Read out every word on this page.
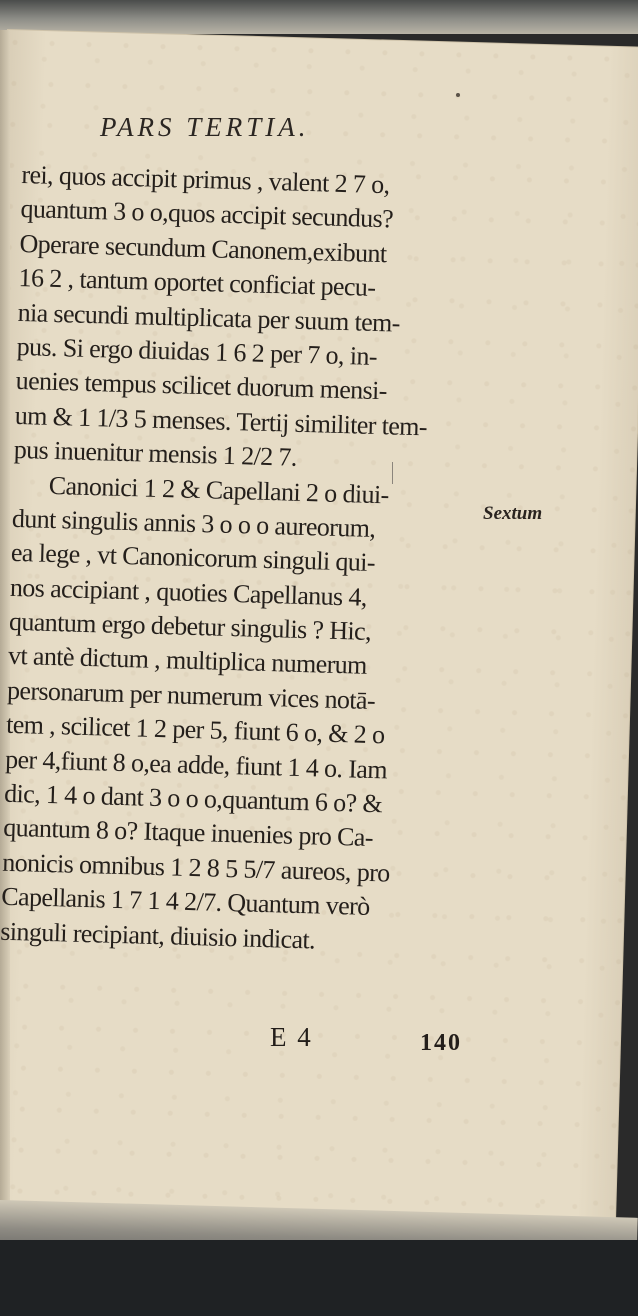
PARS TERTIA.
rei, quos accipit primus , valent 2 7 o,
quantum 3 o o,quos accipit secundus?
Operare secundum Canonem,exibunt
16 2 , tantum oportet conficiat pecu-
nia secundi multiplicata per suum tem-
pus. Si ergo diuidas 1 6 2 per 7 o, in-
uenies tempus scilicet duorum mensi-
um & 1 1/3 5 menses. Tertij similiter tem-
pus inuenitur mensis 1 2/2 7.
Canonici 1 2 & Capellani 2 o diui-
dunt singulis annis 3 o o o aureorum,
ea lege , vt Canonicorum singuli qui-
nos accipiant , quoties Capellanus 4,
quantum ergo debetur singulis ? Hic,
vt antè dictum , multiplica numerum
personarum per numerum vices notā-
tem , scilicet 1 2 per 5, fiunt 6 o, & 2 o
per 4,fiunt 8 o,ea adde, fiunt 1 4 o. Iam
dic, 1 4 o dant 3 o o o,quantum 6 o? &
quantum 8 o? Itaque inuenies pro Ca-
nonicis omnibus 1 2 8 5 5/7 aureos, pro
Capellanis 1 7 1 4 2/7. Quantum verò
singuli recipiant, diuisio indicat.
Sextum
E 4	140
